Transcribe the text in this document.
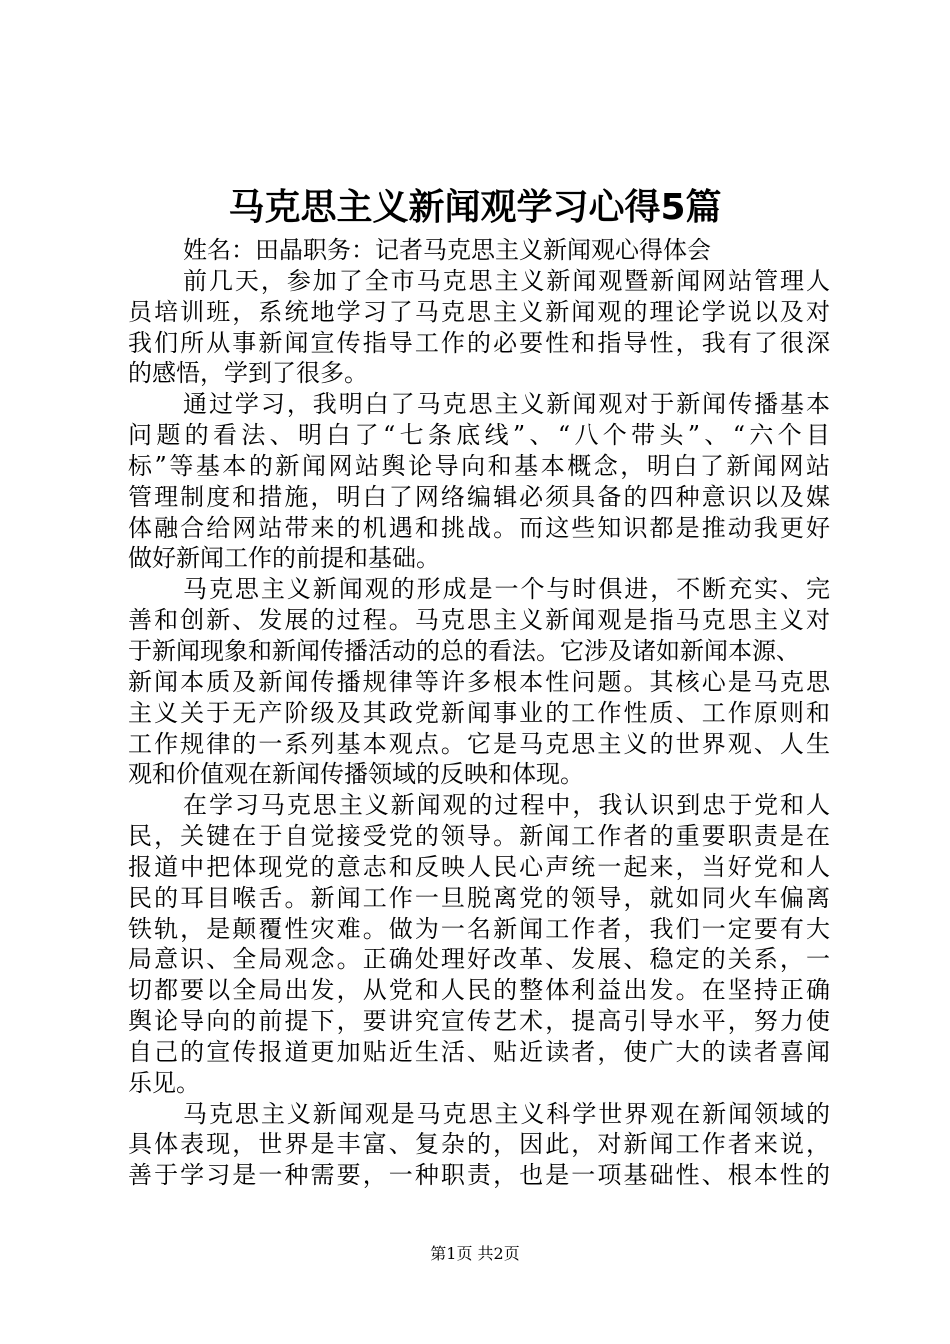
马克思主义新闻观学习心得5篇
姓名：田晶职务：记者马克思主义新闻观心得体会
前几天，参加了全市马克思主义新闻观暨新闻网站管理人
员培训班，系统地学习了马克思主义新闻观的理论学说以及对
我们所从事新闻宣传指导工作的必要性和指导性，我有了很深
的感悟，学到了很多。
通过学习，我明白了马克思主义新闻观对于新闻传播基本
问题的看法、明白了“七条底线”、“八个带头”、“六个目
标”等基本的新闻网站舆论导向和基本概念，明白了新闻网站
管理制度和措施，明白了网络编辑必须具备的四种意识以及媒
体融合给网站带来的机遇和挑战。而这些知识都是推动我更好
做好新闻工作的前提和基础。
马克思主义新闻观的形成是一个与时俱进，不断充实、完
善和创新、发展的过程。马克思主义新闻观是指马克思主义对
于新闻现象和新闻传播活动的总的看法。它涉及诸如新闻本源、
新闻本质及新闻传播规律等许多根本性问题。其核心是马克思
主义关于无产阶级及其政党新闻事业的工作性质、工作原则和
工作规律的一系列基本观点。它是马克思主义的世界观、人生
观和价值观在新闻传播领域的反映和体现。
在学习马克思主义新闻观的过程中，我认识到忠于党和人
民，关键在于自觉接受党的领导。新闻工作者的重要职责是在
报道中把体现党的意志和反映人民心声统一起来，当好党和人
民的耳目喉舌。新闻工作一旦脱离党的领导，就如同火车偏离
铁轨，是颠覆性灾难。做为一名新闻工作者，我们一定要有大
局意识、全局观念。正确处理好改革、发展、稳定的关系，一
切都要以全局出发，从党和人民的整体利益出发。在坚持正确
舆论导向的前提下，要讲究宣传艺术，提高引导水平，努力使
自己的宣传报道更加贴近生活、贴近读者，使广大的读者喜闻
乐见。
马克思主义新闻观是马克思主义科学世界观在新闻领域的
具体表现，世界是丰富、复杂的，因此，对新闻工作者来说，
善于学习是一种需要，一种职责，也是一项基础性、根本性的
第1页 共2页
